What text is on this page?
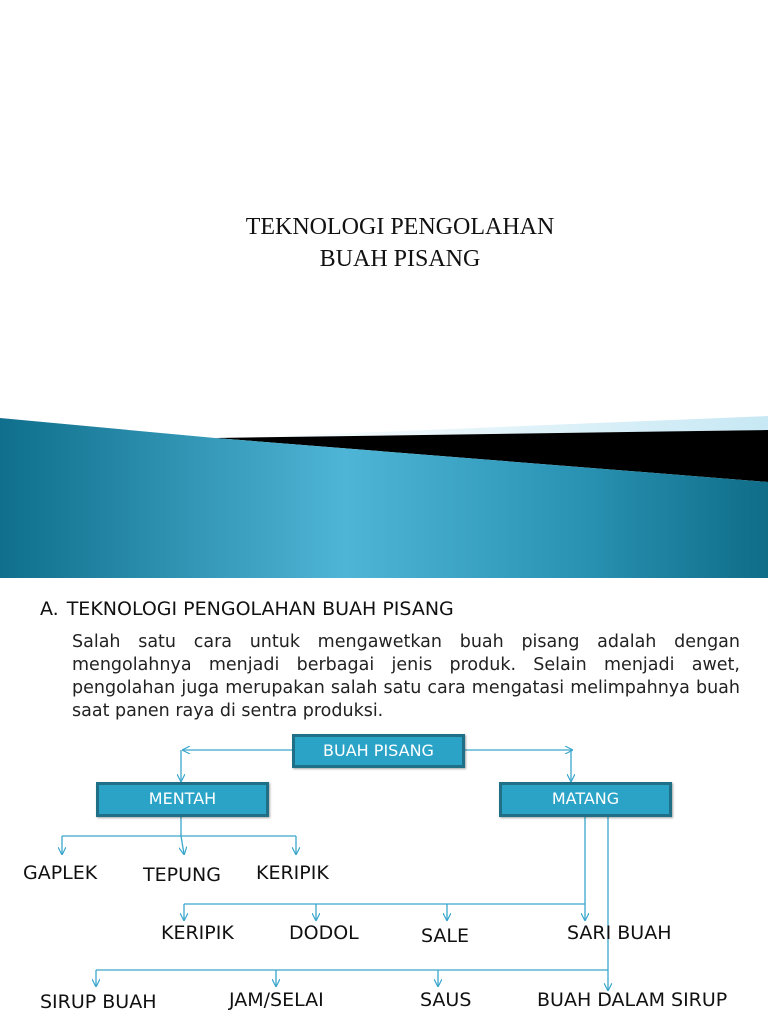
TEKNOLOGI PENGOLAHAN
BUAH PISANG
A. TEKNOLOGI PENGOLAHAN BUAH PISANG
Salah satu cara untuk mengawetkan buah pisang adalah dengan mengolahnya menjadi berbagai jenis produk. Selain menjadi awet, pengolahan juga merupakan salah satu cara mengatasi melimpahnya buah saat panen raya di sentra produksi.
BUAH PISANG
MENTAH	MATANG
GAPLEK TEPUNG KERIPIK
KERIPIK	DODOL	SALE	SARI BUAH
SIRUP BUAH	JAM/SELAI	SAUS	BUAH DALAM SIRUP
